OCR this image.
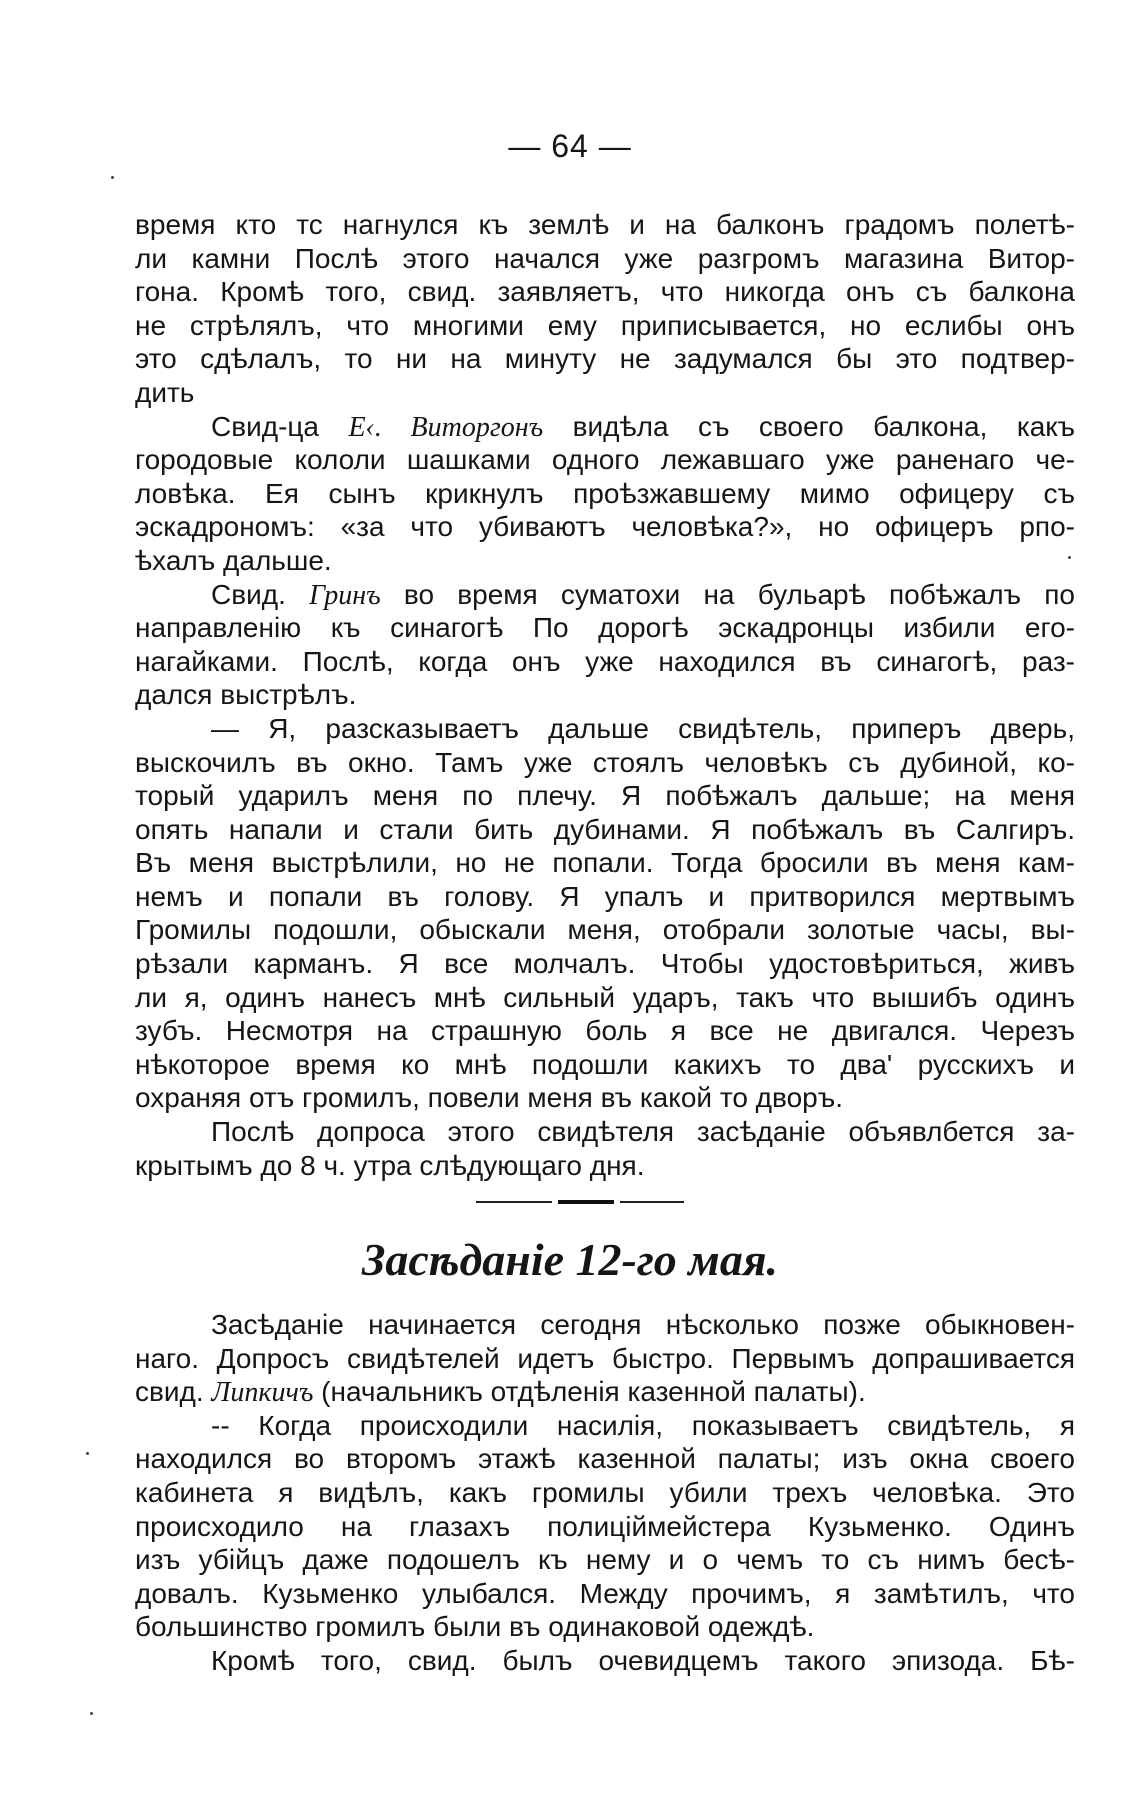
— 64 —
время кто тс нагнулся къ землѣ и на балконъ градомъ полетѣ-
ли камни Послѣ этого начался уже разгромъ магазина Витор-
гона. Кромѣ того, свид. заявляетъ, что никогда онъ съ балкона
не стрѣлялъ, что многими ему приписывается, но еслибы онъ
это сдѣлалъ, то ни на минуту не задумался бы это подтвер-
дить
Свид-ца Е‹. Виторгонъ видѣла съ своего балкона, какъ
городовые кололи шашками одного лежавшаго уже раненаго че-
ловѣка. Ея сынъ крикнулъ проѣзжавшему мимо офицеру съ
эскадрономъ: «за что убиваютъ человѣка?», но офицеръ рпо-
ѣхалъ дальше.
Свид. Гринъ во время суматохи на бульарѣ побѣжалъ по
направленію къ синагогѣ По дорогѣ эскадронцы избили его-
нагайками. Послѣ, когда онъ уже находился въ синагогѣ, раз-
дался выстрѣлъ.
— Я, разсказываетъ дальше свидѣтель, приперъ дверь,
выскочилъ въ окно. Тамъ уже стоялъ человѣкъ съ дубиной, ко-
торый ударилъ меня по плечу. Я побѣжалъ дальше; на меня
опять напали и стали бить дубинами. Я побѣжалъ въ Салгиръ.
Въ меня выстрѣлили, но не попали. Тогда бросили въ меня кам-
немъ и попали въ голову. Я упалъ и притворился мертвымъ
Громилы подошли, обыскали меня, отобрали золотые часы, вы-
рѣзали карманъ. Я все молчалъ. Чтобы удостовѣриться, живъ
ли я, одинъ нанесъ мнѣ сильный ударъ, такъ что вышибъ одинъ
зубъ. Несмотря на страшную боль я все не двигался. Черезъ
нѣкоторое время ко мнѣ подошли какихъ то два' русскихъ и
охраняя отъ громилъ, повели меня въ какой то дворъ.
Послѣ допроса этого свидѣтеля засѣданіе объявлбется за-
крытымъ до 8 ч. утра слѣдующаго дня.
Засѣданіе 12-го мая.
Засѣданіе начинается сегодня нѣсколько позже обыкновен-
наго. Допросъ свидѣтелей идетъ быстро. Первымъ допрашивается
свид. Липкичъ (начальникъ отдѣленія казенной палаты).
-- Когда происходили насилія, показываетъ свидѣтель, я
находился во второмъ этажѣ казенной палаты; изъ окна своего
кабинета я видѣлъ, какъ громилы убили трехъ человѣка. Это
происходило на глазахъ полицiймейстера Кузьменко. Одинъ
изъ убійцъ даже подошелъ къ нему и о чемъ то съ нимъ бесѣ-
довалъ. Кузьменко улыбался. Между прочимъ, я замѣтилъ, что
большинство громилъ были въ одинаковой одеждѣ.
Кромѣ того, свид. былъ очевидцемъ такого эпизода. Бѣ-
